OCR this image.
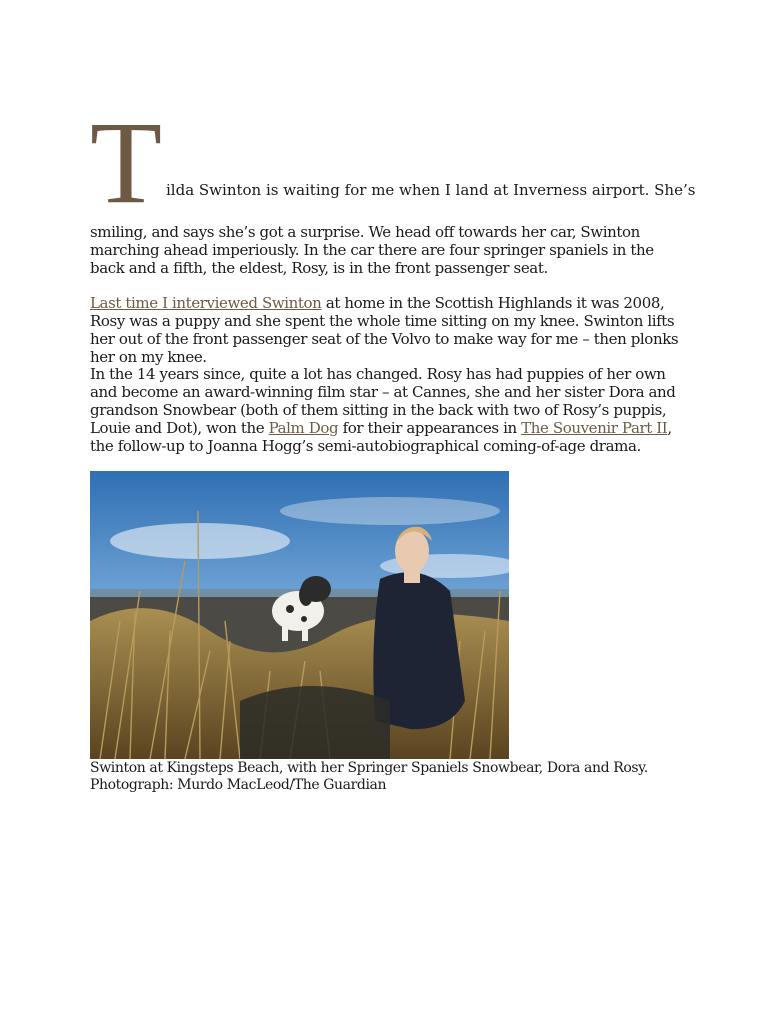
T ilda Swinton is waiting for me when I land at Inverness airport. She’s

smiling, and says she’s got a surprise. We head off towards her car, Swinton marching ahead imperiously. In the car there are four springer spaniels in the back and a fifth, the eldest, Rosy, is in the front passenger seat.

Last time I interviewed Swinton at home in the Scottish Highlands it was 2008, Rosy was a puppy and she spent the whole time sitting on my knee. Swinton lifts her out of the front passenger seat of the Volvo to make way for me – then plonks her on my knee.

In the 14 years since, quite a lot has changed. Rosy has had puppies of her own and become an award-winning film star – at Cannes, she and her sister Dora and grandson Snowbear (both of them sitting in the back with two of Rosy’s puppis, Louie and Dot), won the Palm Dog for their appearances in The Souvenir Part II, the follow-up to Joanna Hogg’s semi-autobiographical coming-of-age drama.

Swinton at Kingsteps Beach, with her Springer Spaniels Snowbear, Dora and Rosy. Photograph: Murdo MacLeod/The Guardian
